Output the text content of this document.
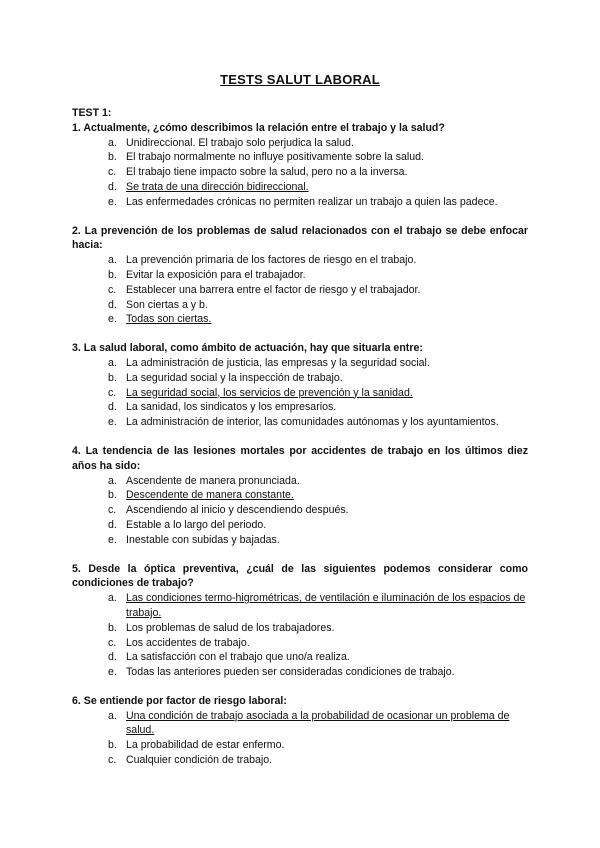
TESTS SALUT LABORAL

TEST 1:

1. Actualmente, ¿cómo describimos la relación entre el trabajo y la salud?

a. Unidireccional. El trabajo solo perjudica la salud.
b. El trabajo normalmente no influye positivamente sobre la salud.
c. El trabajo tiene impacto sobre la salud, pero no a la inversa.
d. Se trata de una dirección bidireccional.
e. Las enfermedades crónicas no permiten realizar un trabajo a quien las padece.

2. La prevención de los problemas de salud relacionados con el trabajo se debe enfocar hacia:

a. La prevención primaria de los factores de riesgo en el trabajo.
b. Evitar la exposición para el trabajador.
c. Establecer una barrera entre el factor de riesgo y el trabajador.
d. Son ciertas a y b.
e. Todas son ciertas.

3. La salud laboral, como ámbito de actuación, hay que situarla entre:

a. La administración de justicia, las empresas y la seguridad social.
b. La seguridad social y la inspección de trabajo.
c. La seguridad social, los servicios de prevención y la sanidad.
d. La sanidad, los sindicatos y los empresarios.
e. La administración de interior, las comunidades autónomas y los ayuntamientos.

4. La tendencia de las lesiones mortales por accidentes de trabajo en los últimos diez años ha sido:

a. Ascendente de manera pronunciada.
b. Descendente de manera constante.
c. Ascendiendo al inicio y descendiendo después.
d. Estable a lo largo del periodo.
e. Inestable con subidas y bajadas.

5. Desde la óptica preventiva, ¿cuál de las siguientes podemos considerar como condiciones de trabajo?

a. Las condiciones termo-higrométricas, de ventilación e iluminación de los espacios de trabajo.
b. Los problemas de salud de los trabajadores.
c. Los accidentes de trabajo.
d. La satisfacción con el trabajo que uno/a realiza.
e. Todas las anteriores pueden ser consideradas condiciones de trabajo.

6. Se entiende por factor de riesgo laboral:

a. Una condición de trabajo asociada a la probabilidad de ocasionar un problema de salud.
b. La probabilidad de estar enfermo.
c. Cualquier condición de trabajo.
